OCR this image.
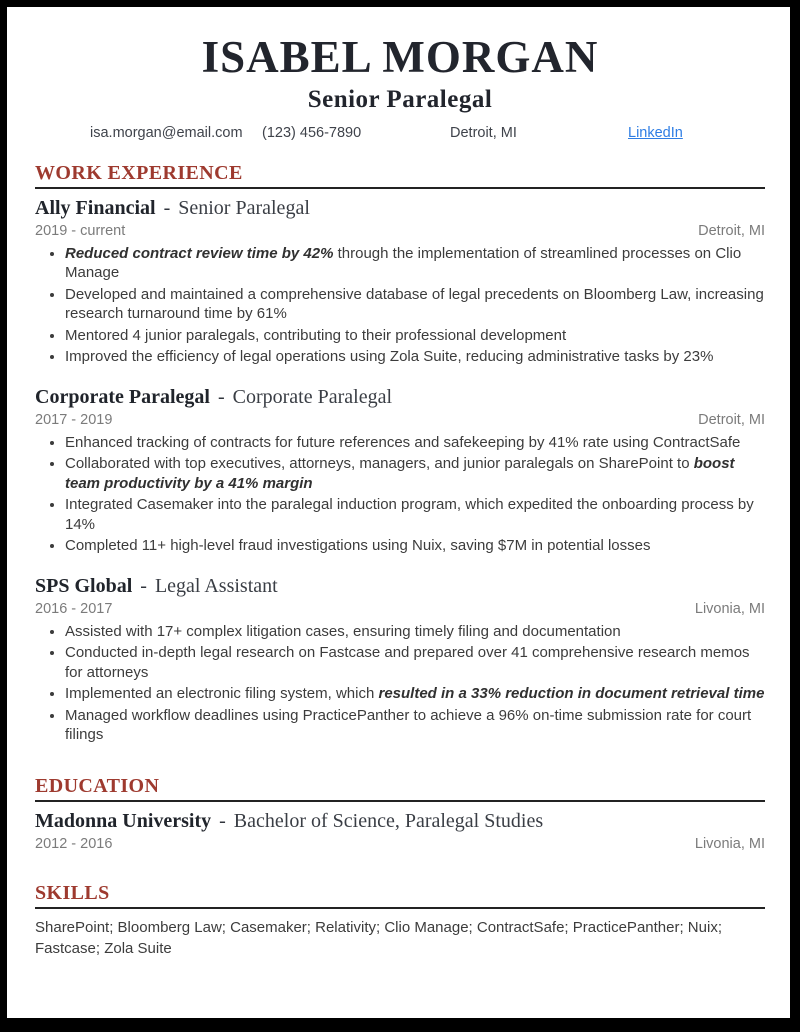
ISABEL MORGAN
Senior Paralegal
isa.morgan@email.com	(123) 456-7890	Detroit, MI	LinkedIn
WORK EXPERIENCE
Ally Financial - Senior Paralegal
2019 - current	Detroit, MI
• Reduced contract review time by 42% through the implementation of streamlined processes on Clio Manage
• Developed and maintained a comprehensive database of legal precedents on Bloomberg Law, increasing research turnaround time by 61%
• Mentored 4 junior paralegals, contributing to their professional development
• Improved the efficiency of legal operations using Zola Suite, reducing administrative tasks by 23%
Corporate Paralegal - Corporate Paralegal
2017 - 2019	Detroit, MI
• Enhanced tracking of contracts for future references and safekeeping by 41% rate using ContractSafe
• Collaborated with top executives, attorneys, managers, and junior paralegals on SharePoint to boost team productivity by a 41% margin
• Integrated Casemaker into the paralegal induction program, which expedited the onboarding process by 14%
• Completed 11+ high-level fraud investigations using Nuix, saving $7M in potential losses
SPS Global - Legal Assistant
2016 - 2017	Livonia, MI
• Assisted with 17+ complex litigation cases, ensuring timely filing and documentation
• Conducted in-depth legal research on Fastcase and prepared over 41 comprehensive research memos for attorneys
• Implemented an electronic filing system, which resulted in a 33% reduction in document retrieval time
• Managed workflow deadlines using PracticePanther to achieve a 96% on-time submission rate for court filings
EDUCATION
Madonna University - Bachelor of Science, Paralegal Studies
2012 - 2016	Livonia, MI
SKILLS

SharePoint; Bloomberg Law; Casemaker; Relativity; Clio Manage; ContractSafe; PracticePanther; Nuix; Fastcase; Zola Suite
